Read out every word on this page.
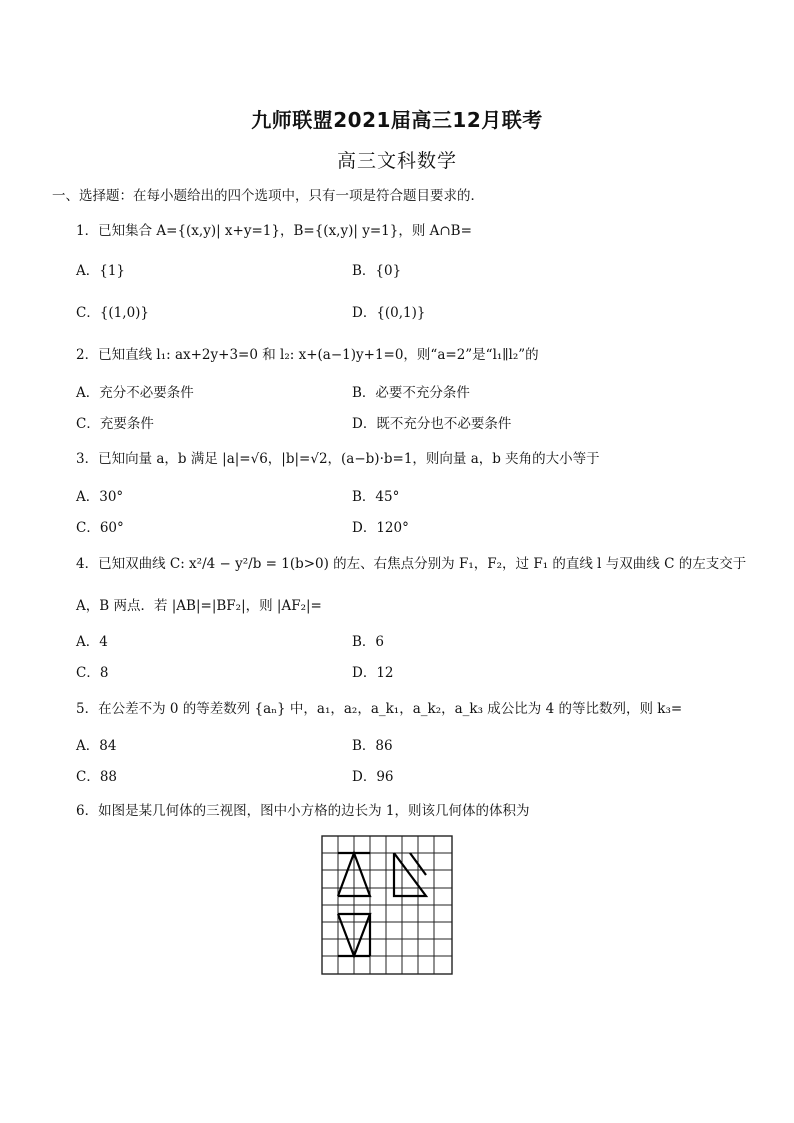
九师联盟2021届高三12月联考
高三文科数学
一、选择题：在每小题给出的四个选项中，只有一项是符合题目要求的．
1．已知集合 A={(x,y)| x+y=1}，B={(x,y)| y=1}，则 A∩B=
A．{1}	B．{0}
C．{(1,0)}	D．{(0,1)}
2．已知直线 l₁: ax+2y+3=0 和 l₂: x+(a−1)y+1=0，则“a=2”是“l₁∥l₂”的
A．充分不必要条件	B．必要不充分条件
C．充要条件	D．既不充分也不必要条件
3．已知向量 a，b 满足 |a|=√6，|b|=√2，(a−b)·b=1，则向量 a，b 夹角的大小等于
A．30°	B．45°
C．60°	D．120°
4．已知双曲线 C: x²/4 − y²/b = 1(b>0) 的左、右焦点分别为 F₁，F₂，过 F₁ 的直线 l 与双曲线 C 的左支交于
A，B 两点．若 |AB|=|BF₂|，则 |AF₂|=
A．4	B．6
C．8	D．12
5．在公差不为 0 的等差数列 {aₙ} 中，a₁，a₂，a_k₁，a_k₂，a_k₃ 成公比为 4 的等比数列，则 k₃=
A．84	B．86
C．88	D．96
6．如图是某几何体的三视图，图中小方格的边长为 1，则该几何体的体积为
